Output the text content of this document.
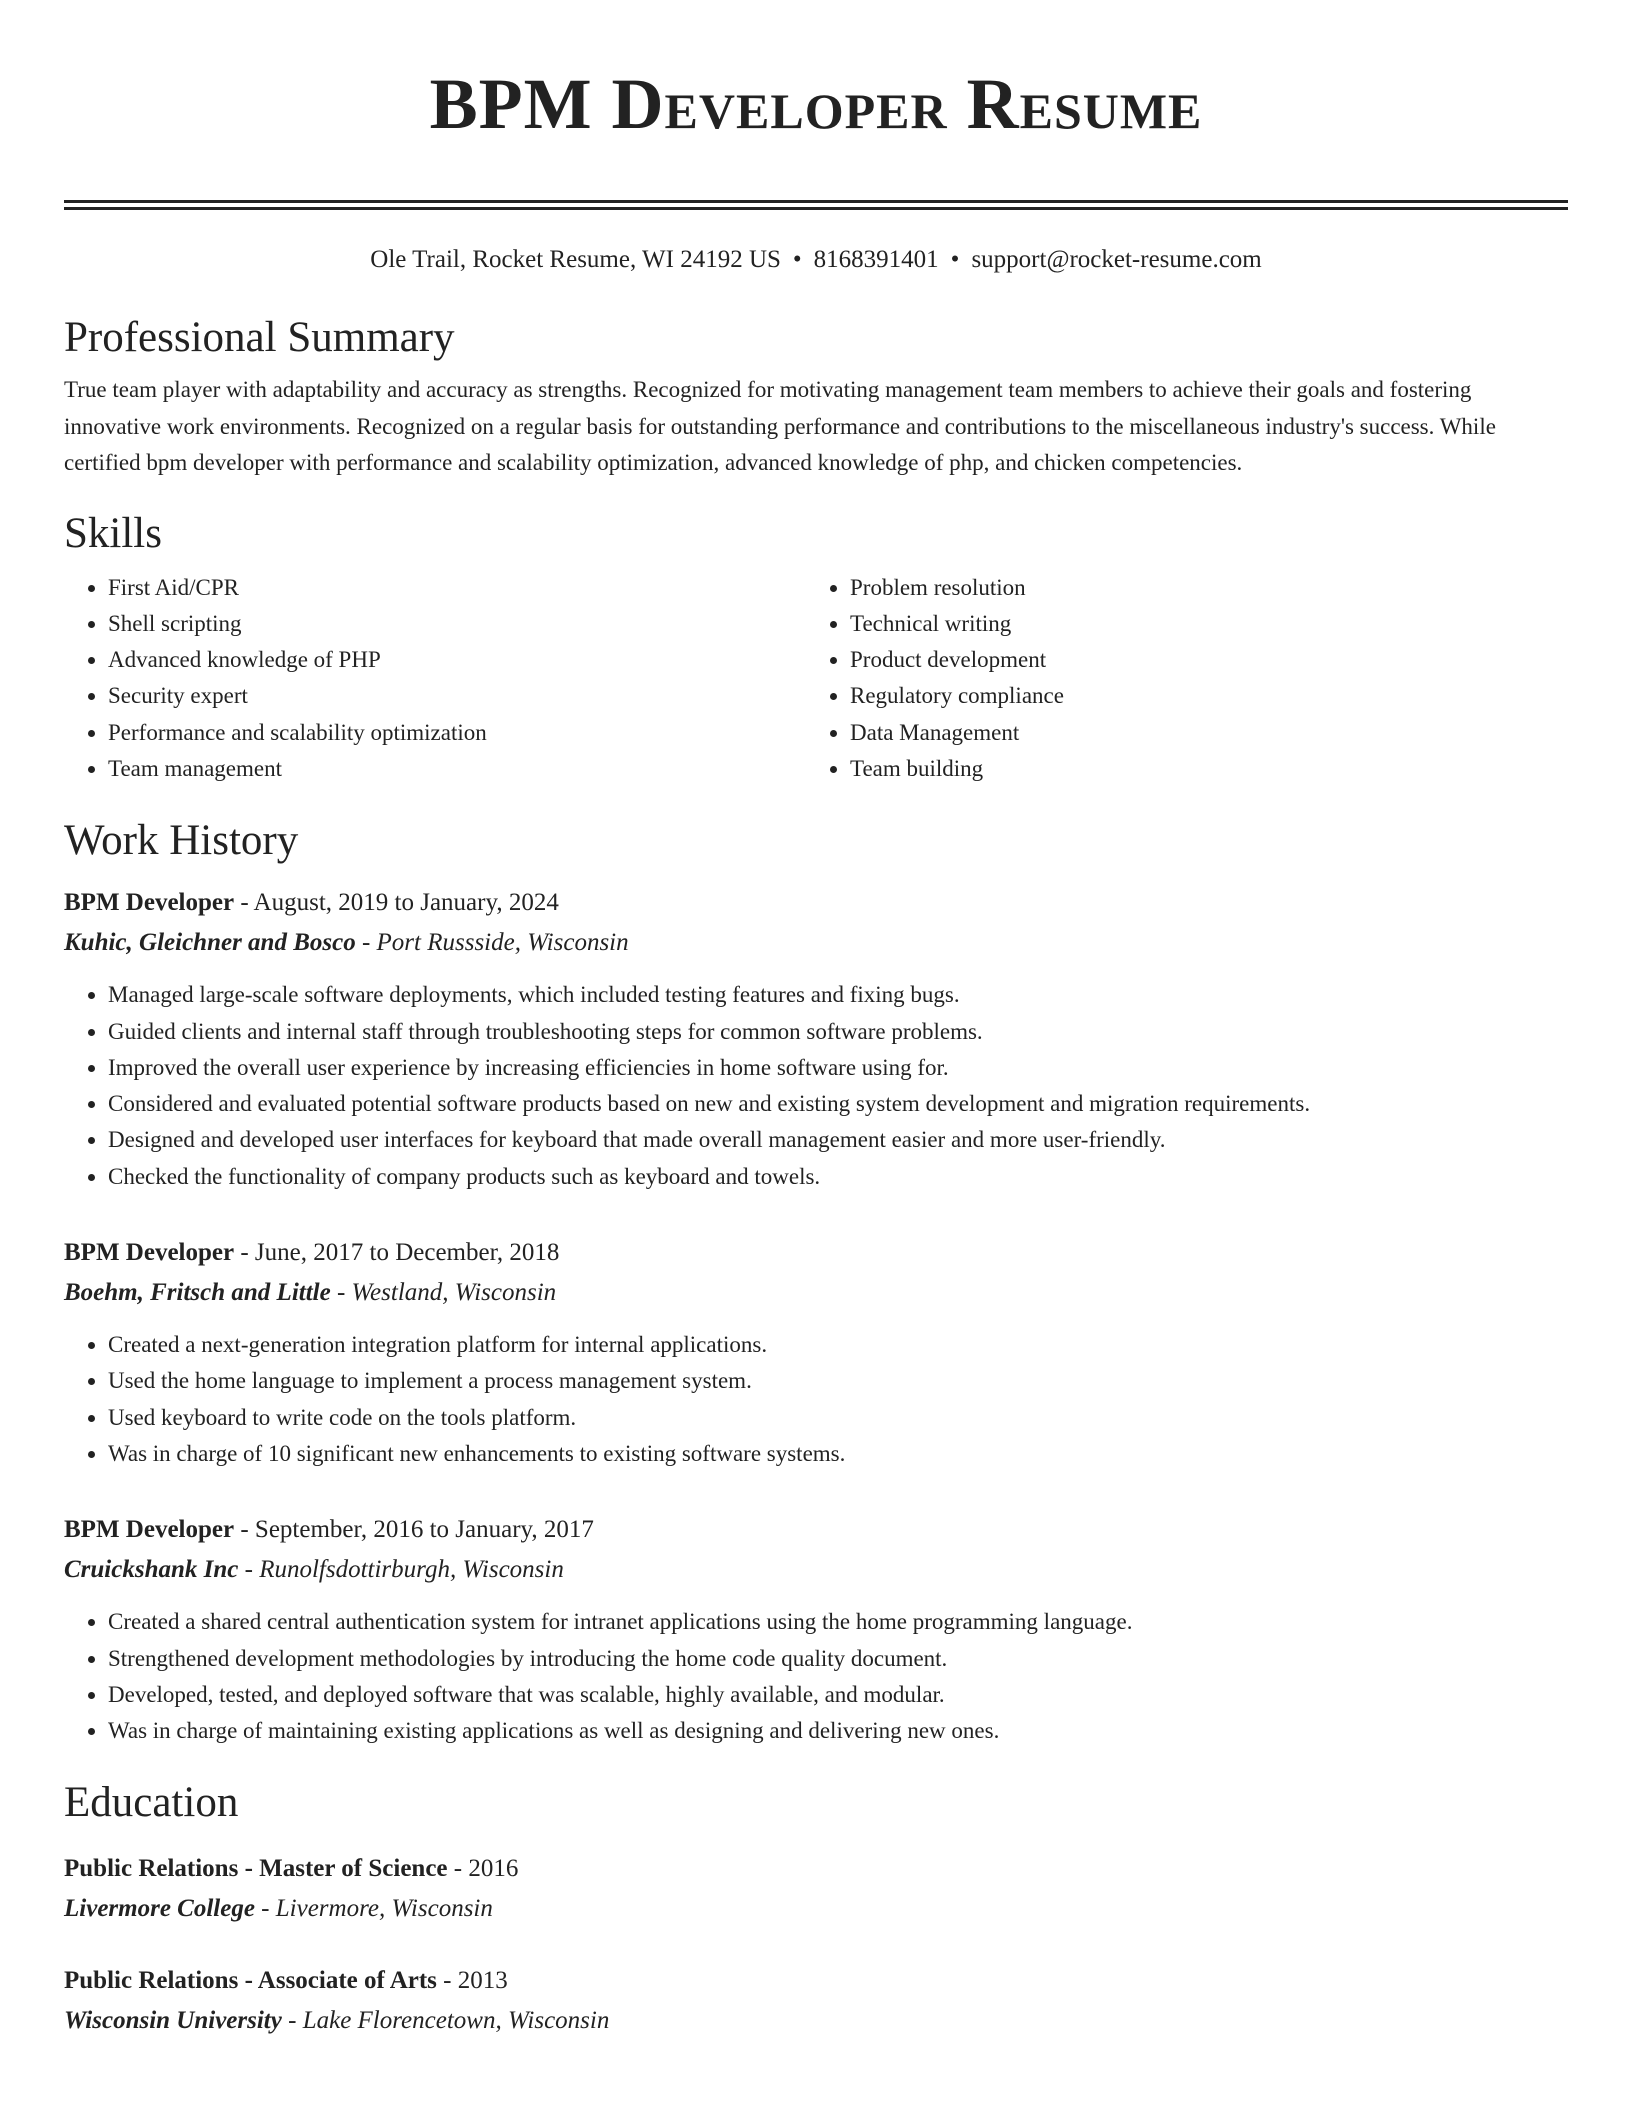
BPM Developer Resume
Ole Trail, Rocket Resume, WI 24192 US • 8168391401 • support@rocket-resume.com
Professional Summary
True team player with adaptability and accuracy as strengths. Recognized for motivating management team members to achieve their goals and fostering innovative work environments. Recognized on a regular basis for outstanding performance and contributions to the miscellaneous industry's success. While certified bpm developer with performance and scalability optimization, advanced knowledge of php, and chicken competencies.
Skills
• First Aid/CPR
• Shell scripting
• Advanced knowledge of PHP
• Security expert
• Performance and scalability optimization
• Team management
• Problem resolution
• Technical writing
• Product development
• Regulatory compliance
• Data Management
• Team building
Work History
BPM Developer - August, 2019 to January, 2024
Kuhic, Gleichner and Bosco - Port Russside, Wisconsin
• Managed large-scale software deployments, which included testing features and fixing bugs.
• Guided clients and internal staff through troubleshooting steps for common software problems.
• Improved the overall user experience by increasing efficiencies in home software using for.
• Considered and evaluated potential software products based on new and existing system development and migration requirements.
• Designed and developed user interfaces for keyboard that made overall management easier and more user-friendly.
• Checked the functionality of company products such as keyboard and towels.
BPM Developer - June, 2017 to December, 2018
Boehm, Fritsch and Little - Westland, Wisconsin
• Created a next-generation integration platform for internal applications.
• Used the home language to implement a process management system.
• Used keyboard to write code on the tools platform.
• Was in charge of 10 significant new enhancements to existing software systems.
BPM Developer - September, 2016 to January, 2017
Cruickshank Inc - Runolfsdottirburgh, Wisconsin
• Created a shared central authentication system for intranet applications using the home programming language.
• Strengthened development methodologies by introducing the home code quality document.
• Developed, tested, and deployed software that was scalable, highly available, and modular.
• Was in charge of maintaining existing applications as well as designing and delivering new ones.
Education
Public Relations - Master of Science - 2016
Livermore College - Livermore, Wisconsin
Public Relations - Associate of Arts - 2013
Wisconsin University - Lake Florencetown, Wisconsin
